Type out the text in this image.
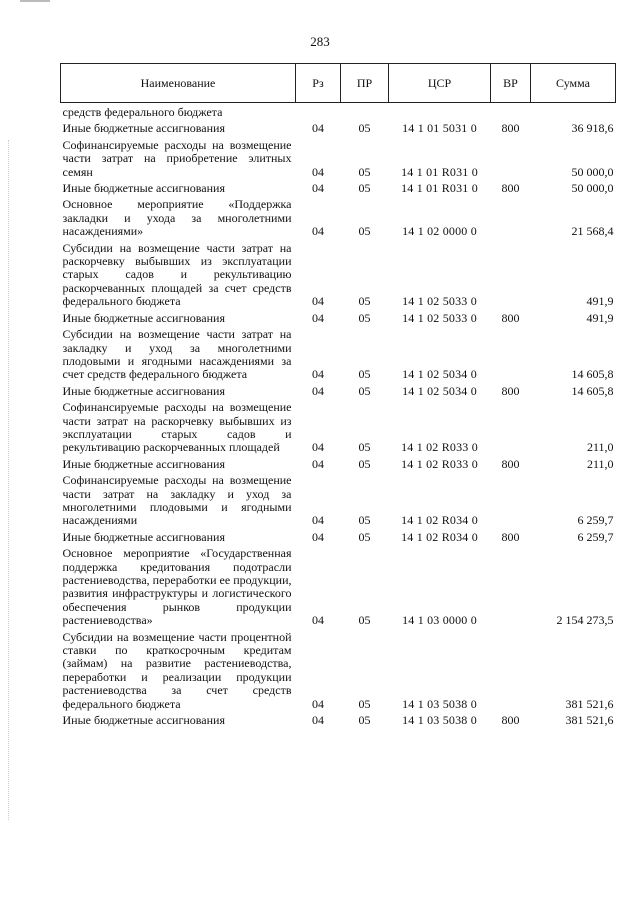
283
Наименование	Рз	ПР	ЦСР	ВР	Сумма
средств федерального бюджета					
Иные бюджетные ассигнования	04	05	14 1 01 5031 0	800	36 918,6
Софинансируемые расходы на возмещение части затрат на приобретение элитных семян	04	05	14 1 01 R031 0		50 000,0
Иные бюджетные ассигнования	04	05	14 1 01 R031 0	800	50 000,0
Основное мероприятие «Поддержка закладки и ухода за многолетними насаждениями»	04	05	14 1 02 0000 0		21 568,4
Субсидии на возмещение части затрат на раскорчевку выбывших из эксплуатации старых садов и рекультивацию раскорчеванных площадей за счет средств федерального бюджета	04	05	14 1 02 5033 0		491,9
Иные бюджетные ассигнования	04	05	14 1 02 5033 0	800	491,9
Субсидии на возмещение части затрат на закладку и уход за многолетними плодовыми и ягодными насаждениями за счет средств федерального бюджета	04	05	14 1 02 5034 0		14 605,8
Иные бюджетные ассигнования	04	05	14 1 02 5034 0	800	14 605,8
Софинансируемые расходы на возмещение части затрат на раскорчевку выбывших из эксплуатации старых садов и рекультивацию раскорчеванных площадей	04	05	14 1 02 R033 0		211,0
Иные бюджетные ассигнования	04	05	14 1 02 R033 0	800	211,0
Софинансируемые расходы на возмещение части затрат на закладку и уход за многолетними плодовыми и ягодными насаждениями	04	05	14 1 02 R034 0		6 259,7
Иные бюджетные ассигнования	04	05	14 1 02 R034 0	800	6 259,7
Основное мероприятие «Государственная поддержка кредитования подотрасли растениеводства, переработки ее продукции, развития инфраструктуры и логистического обеспечения рынков продукции растениеводства»	04	05	14 1 03 0000 0		2 154 273,5
Субсидии на возмещение части процентной ставки по краткосрочным кредитам (займам) на развитие растениеводства, переработки и реализации продукции растениеводства за счет средств федерального бюджета	04	05	14 1 03 5038 0		381 521,6
Иные бюджетные ассигнования	04	05	14 1 03 5038 0	800	381 521,6
